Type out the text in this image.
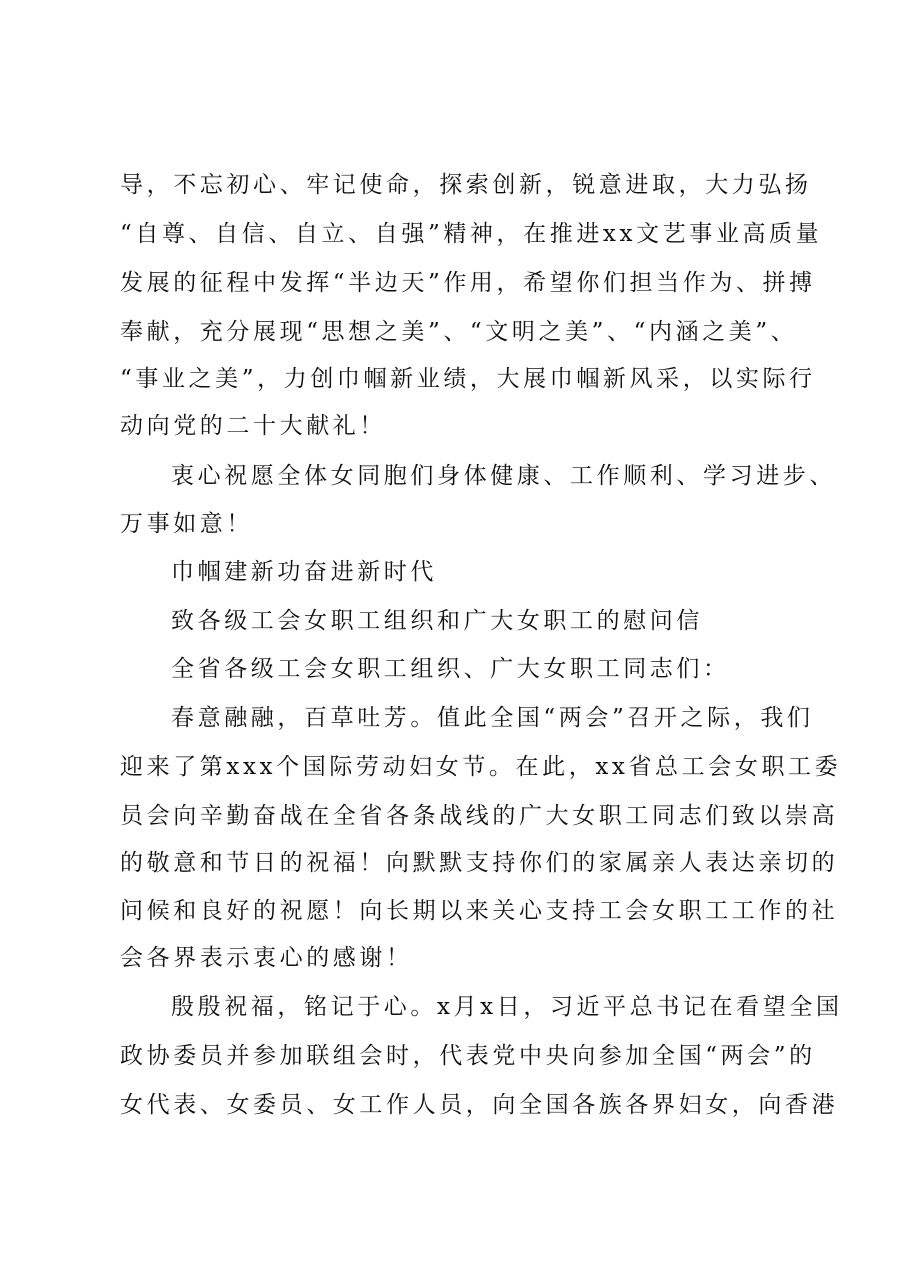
导，不忘初心、牢记使命，探索创新，锐意进取，大力弘扬

“自尊、自信、自立、自强”精神，在推进xx文艺事业高质量

发展的征程中发挥“半边天”作用，希望你们担当作为、拼搏

奉献，充分展现“思想之美”、“文明之美”、“内涵之美”、

“事业之美”，力创巾帼新业绩，大展巾帼新风采，以实际行

动向党的二十大献礼！

衷心祝愿全体女同胞们身体健康、工作顺利、学习进步、

万事如意！

巾帼建新功奋进新时代

致各级工会女职工组织和广大女职工的慰问信

全省各级工会女职工组织、广大女职工同志们：

春意融融，百草吐芳。值此全国“两会”召开之际，我们

迎来了第xxx个国际劳动妇女节。在此，xx省总工会女职工委

员会向辛勤奋战在全省各条战线的广大女职工同志们致以崇高

的敬意和节日的祝福！向默默支持你们的家属亲人表达亲切的

问候和良好的祝愿！向长期以来关心支持工会女职工工作的社

会各界表示衷心的感谢！

殷殷祝福，铭记于心。x月x日，习近平总书记在看望全国

政协委员并参加联组会时，代表党中央向参加全国“两会”的

女代表、女委员、女工作人员，向全国各族各界妇女，向香港
